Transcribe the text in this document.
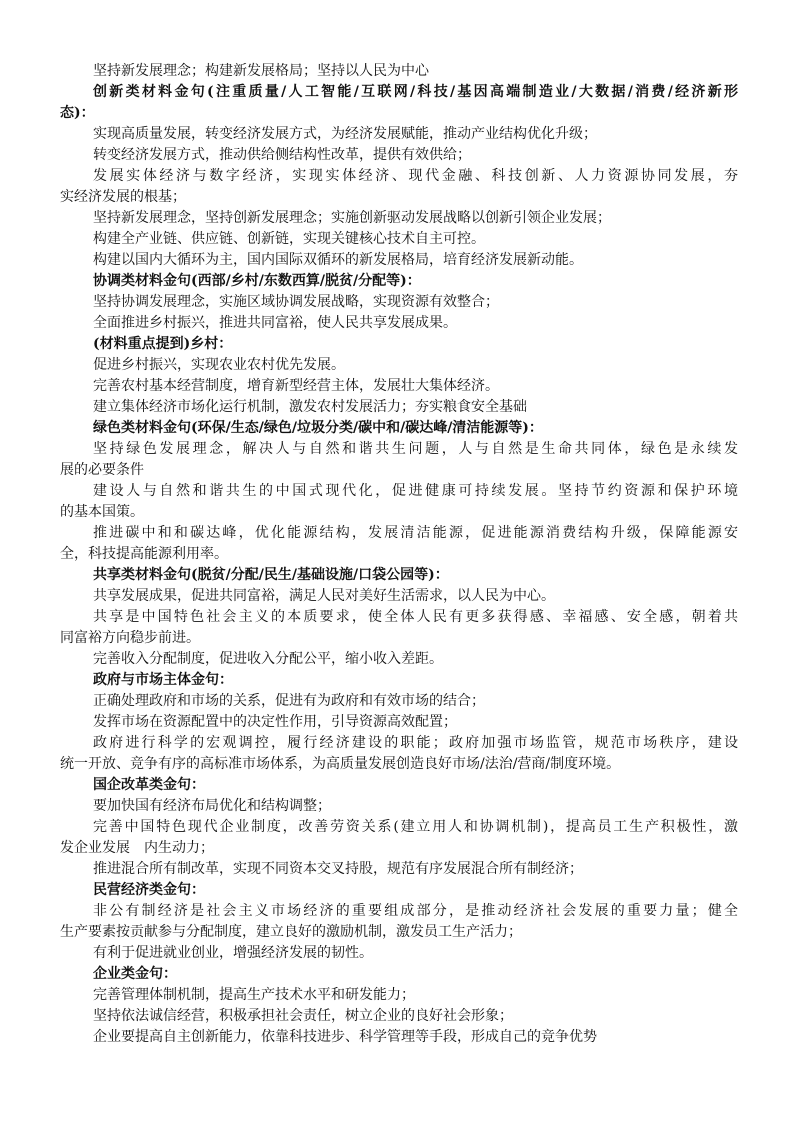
坚持新发展理念；构建新发展格局；坚持以人民为中心
创新类材料金句(注重质量/人工智能/互联网/科技/基因高端制造业/大数据/消费/经济新形
态)：
实现高质量发展，转变经济发展方式，为经济发展赋能，推动产业结构优化升级；
转变经济发展方式，推动供给侧结构性改革，提供有效供给；
发展实体经济与数字经济，实现实体经济、现代金融、科技创新、人力资源协同发展，夯
实经济发展的根基；
坚持新发展理念，坚持创新发展理念；实施创新驱动发展战略以创新引领企业发展；
构建全产业链、供应链、创新链，实现关键核心技术自主可控。
构建以国内大循环为主，国内国际双循环的新发展格局，培育经济发展新动能。
协调类材料金句(西部/乡村/东数西算/脱贫/分配等)：
坚持协调发展理念，实施区域协调发展战略，实现资源有效整合；
全面推进乡村振兴，推进共同富裕，使人民共享发展成果。
(材料重点提到)乡村：
促进乡村振兴，实现农业农村优先发展。
完善农村基本经营制度，增育新型经营主体，发展壮大集体经济。
建立集体经济市场化运行机制，激发农村发展活力；夯实粮食安全基础
绿色类材料金句(环保/生态/绿色/垃圾分类/碳中和/碳达峰/清洁能源等)：
坚持绿色发展理念，解决人与自然和谐共生问题，人与自然是生命共同体，绿色是永续发
展的必要条件
建设人与自然和谐共生的中国式现代化，促进健康可持续发展。坚持节约资源和保护环境
的基本国策。
推进碳中和和碳达峰，优化能源结构，发展清洁能源，促进能源消费结构升级，保障能源安
全，科技提高能源利用率。
共享类材料金句(脱贫/分配/民生/基础设施/口袋公园等)：
共享发展成果，促进共同富裕，满足人民对美好生活需求，以人民为中心。
共享是中国特色社会主义的本质要求，使全体人民有更多获得感、幸福感、安全感，朝着共
同富裕方向稳步前进。
完善收入分配制度，促进收入分配公平，缩小收入差距。
政府与市场主体金句：
正确处理政府和市场的关系，促进有为政府和有效市场的结合；
发挥市场在资源配置中的决定性作用，引导资源高效配置；
政府进行科学的宏观调控，履行经济建设的职能；政府加强市场监管，规范市场秩序，建设
统一开放、竞争有序的高标准市场体系，为高质量发展创造良好市场/法治/营商/制度环境。
国企改革类金句：
要加快国有经济布局优化和结构调整；
完善中国特色现代企业制度，改善劳资关系(建立用人和协调机制)，提高员工生产积极性，激
发企业发展　内生动力；
推进混合所有制改革，实现不同资本交叉持股，规范有序发展混合所有制经济；
民营经济类金句：
非公有制经济是社会主义市场经济的重要组成部分，是推动经济社会发展的重要力量；健全
生产要素按贡献参与分配制度，建立良好的激励机制，激发员工生产活力；
有利于促进就业创业，增强经济发展的韧性。
企业类金句：
完善管理体制机制，提高生产技术水平和研发能力；
坚持依法诚信经营，积极承担社会责任，树立企业的良好社会形象；
企业要提高自主创新能力，依靠科技进步、科学管理等手段，形成自己的竞争优势
